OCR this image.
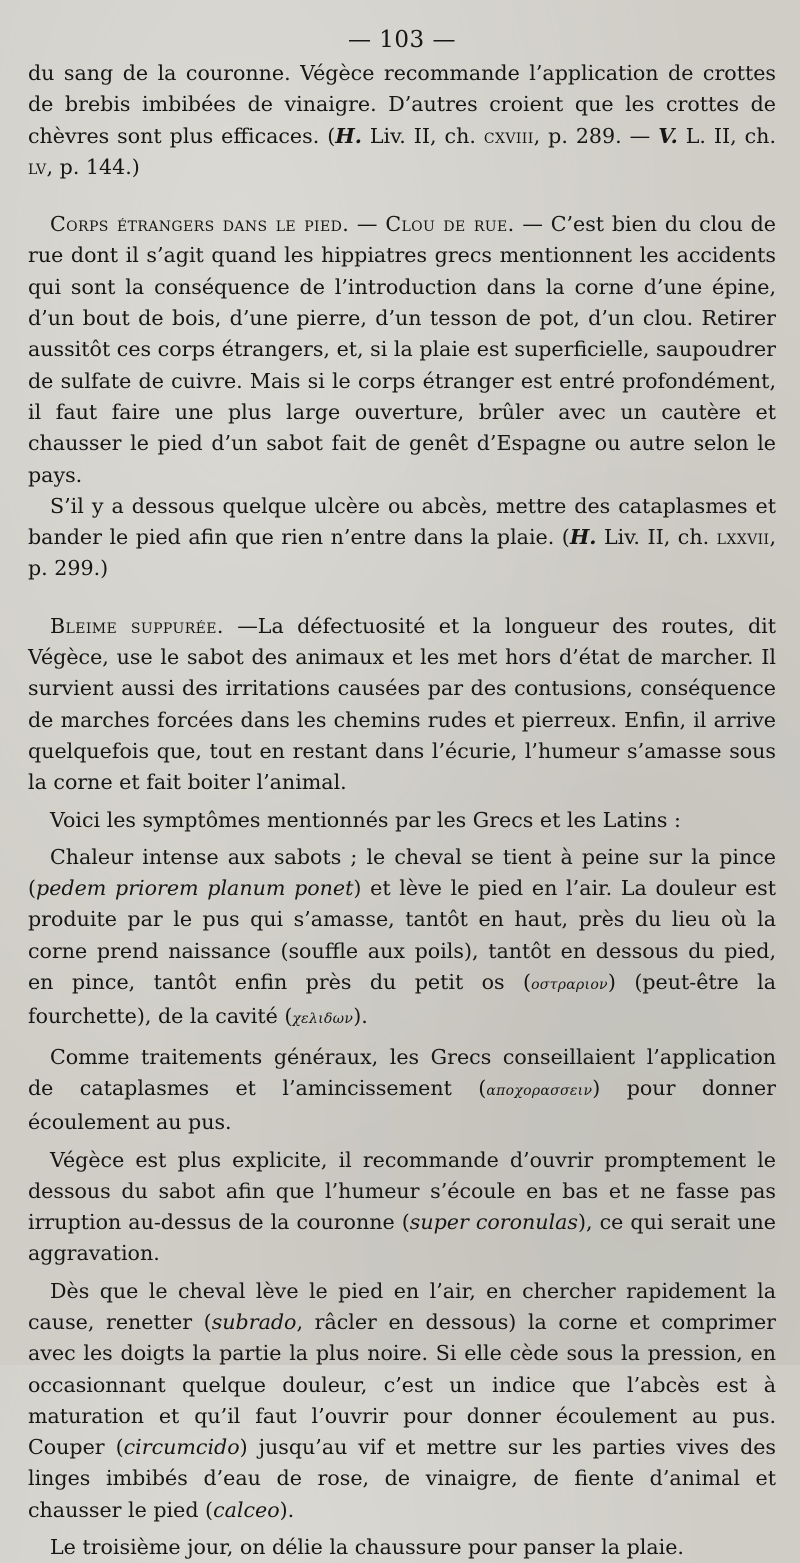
— 103 —

du sang de la couronne. Végèce recommande l’application de crottes de brebis imbibées de vinaigre. D’autres croient que les crottes de chèvres sont plus efficaces. (H. Liv. II, ch. cxviii, p. 289. — V. L. II, ch. lv, p. 144.)

Corps étrangers dans le pied. — Clou de rue. — C’est bien du clou de rue dont il s’agit quand les hippiatres grecs mentionnent les accidents qui sont la conséquence de l’introduction dans la corne d’une épine, d’un bout de bois, d’une pierre, d’un tesson de pot, d’un clou. Retirer aussitôt ces corps étrangers, et, si la plaie est superficielle, saupoudrer de sulfate de cuivre. Mais si le corps étranger est entré profondément, il faut faire une plus large ouverture, brûler avec un cautère et chausser le pied d’un sabot fait de genêt d’Espagne ou autre selon le pays.

S’il y a dessous quelque ulcère ou abcès, mettre des cataplasmes et bander le pied afin que rien n’entre dans la plaie. (H. Liv. II, ch. lxxvii, p. 299.)

Bleime suppurée. —La défectuosité et la longueur des routes, dit Végèce, use le sabot des animaux et les met hors d’état de marcher. Il survient aussi des irritations causées par des contusions, conséquence de marches forcées dans les chemins rudes et pierreux. Enfin, il arrive quelquefois que, tout en restant dans l’écurie, l’humeur s’amasse sous la corne et fait boiter l’animal.

Voici les symptômes mentionnés par les Grecs et les Latins :

Chaleur intense aux sabots ; le cheval se tient à peine sur la pince (pedem priorem planum ponet) et lève le pied en l’air. La douleur est produite par le pus qui s’amasse, tantôt en haut, près du lieu où la corne prend naissance (souffle aux poils), tantôt en dessous du pied, en pince, tantôt enfin près du petit os (οστραριον) (peut-être la fourchette), de la cavité (χελιδων).

Comme traitements généraux, les Grecs conseillaient l’application de cataplasmes et l’amincissement (αποχορασσειν) pour donner écoulement au pus.

Végèce est plus explicite, il recommande d’ouvrir promptement le dessous du sabot afin que l’humeur s’écoule en bas et ne fasse pas irruption au-dessus de la couronne (super coronulas), ce qui serait une aggravation.

Dès que le cheval lève le pied en l’air, en chercher rapidement la cause, renetter (subrado, râcler en dessous) la corne et comprimer avec les doigts la partie la plus noire. Si elle cède sous la pression, en occasionnant quelque douleur, c’est un indice que l’abcès est à maturation et qu’il faut l’ouvrir pour donner écoulement au pus. Couper (circumcido) jusqu’au vif et mettre sur les parties vives des linges imbibés d’eau de rose, de vinaigre, de fiente d’animal et chausser le pied (calceo).

Le troisième jour, on délie la chaussure pour panser la plaie.
